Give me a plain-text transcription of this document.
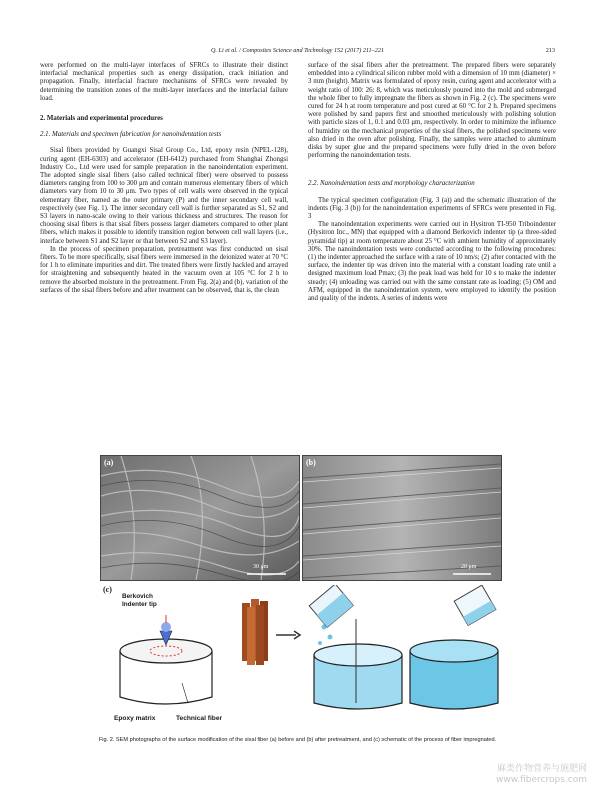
Q. Li et al. / Composites Science and Technology 152 (2017) 211–221	213

were performed on the multi-layer interfaces of SFRCs to illustrate their distinct interfacial mechanical properties such as energy dissipation, crack initiation and propagation. Finally, interfacial fracture mechanisms of SFRCs were revealed by determining the transition zones of the multi-layer interfaces and the interfacial failure load.

2. Materials and experimental procedures
2.1. Materials and specimen fabrication for nanoindentation tests

Sisal fibers provided by Guangxi Sisal Group Co., Ltd, epoxy resin (NPEL-128), curing agent (EH-6303) and accelerator (EH-6412) purchased from Shanghai Zhongsi Industry Co., Ltd were used for sample preparation in the nanoindentation experiment. The adopted single sisal fibers (also called technical fiber) were observed to possess diameters ranging from 100 to 300 μm and contain numerous elementary fibers of which diameters vary from 10 to 30 μm. Two types of cell walls were observed in the typical elementary fiber, named as the outer primary (P) and the inner secondary cell wall, respectively (see Fig. 1). The inner secondary cell wall is further separated as S1, S2 and S3 layers in nano-scale owing to their various thickness and structures. The reason for choosing sisal fibers is that sisal fibers possess larger diameters compared to other plant fibers, which makes it possible to identify transition region between cell wall layers (i.e., interface between S1 and S2 layer or that between S2 and S3 layer).

In the process of specimen preparation, pretreatment was first conducted on sisal fibers. To be more specifically, sisal fibers were immersed in the deionized water at 70 °C for 1 h to eliminate impurities and dirt. The treated fibers were firstly hackled and arrayed for straightening and subsequently heated in the vacuum oven at 105 °C for 2 h to remove the absorbed moisture in the pretreatment. From Fig. 2(a) and (b), variation of the surfaces of the sisal fibers before and after treatment can be observed, that is, the clean

surface of the sisal fibers after the pretreatment. The prepared fibers were separately embedded into a cylindrical silicon rubber mold with a dimension of 10 mm (diameter) × 3 mm (height). Matrix was formulated of epoxy resin, curing agent and accelerator with a weight ratio of 100: 26: 8, which was meticulously poured into the mold and submerged the whole fiber to fully impregnate the fibers as shown in Fig. 2 (c). The specimens were cured for 24 h at room temperature and post cured at 60 °C for 2 h. Prepared specimens were polished by sand papers first and smoothed meticulously with polishing solution with particle sizes of 1, 0.1 and 0.03 μm, respectively. In order to minimize the influence of humidity on the mechanical properties of the sisal fibers, the polished specimens were also dried in the oven after polishing. Finally, the samples were attached to aluminum disks by super glue and the prepared specimens were fully dried in the oven before performing the nanoindentation tests.

2.2. Nanoindentation tests and morphology characterization

The typical specimen configuration (Fig. 3 (a)) and the schematic illustration of the indents (Fig. 3 (b)) for the nanoindentation experiments of SFRCs were presented in Fig. 3

The nanoindentation experiments were carried out in Hysitron TI-950 Triboindenter (Hysitron Inc., MN) that equipped with a diamond Berkovich indenter tip (a three-sided pyramidal tip) at room temperature about 25 °C with ambient humidity of approximately 30%. The nanoindentation tests were conducted according to the following procedures: (1) the indenter approached the surface with a rate of 10 nm/s; (2) after contacted with the surface, the indenter tip was driven into the material with a constant loading rate until a designed maximum load Pmax; (3) the peak load was held for 10 s to make the indenter steady; (4) unloading was carried out with the same constant rate as loading; (5) OM and AFM, equipped in the nanoindentation system, were employed to identify the position and quality of the indents. A series of indents were

(a)
30 μm
(b)
20 μm
(c)
Berkovich Indenter tip
Epoxy matrix	Technical fiber
Fig. 2. SEM photographs of the surface modification of the sisal fiber (a) before and (b) after pretreatment, and (c) schematic of the process of fiber impregnated.
麻类作物营养与施肥网
www.fibercrops.com
